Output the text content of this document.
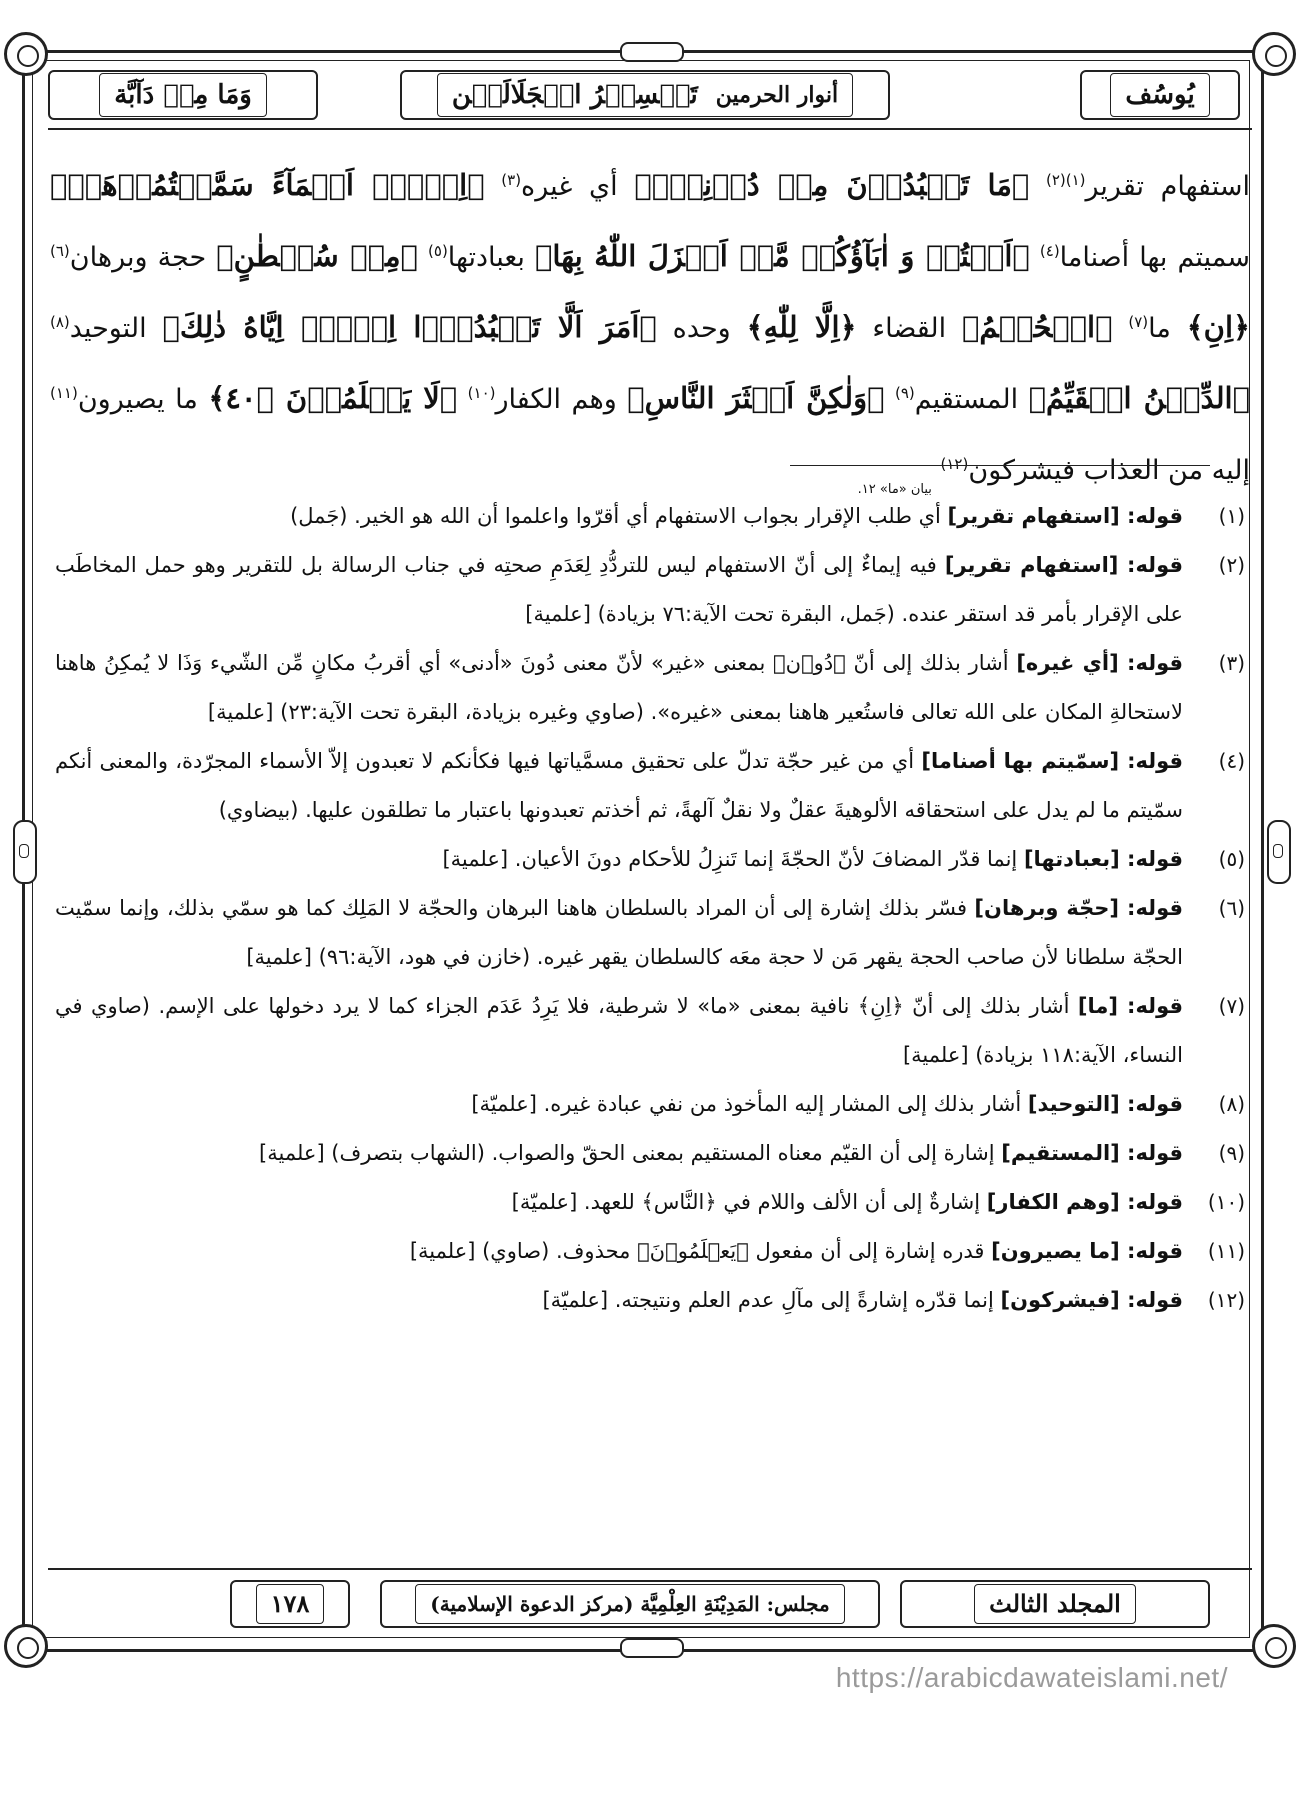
يُوسُف
تَفۡسِيۡرُ الۡجَلَالَيۡن أنوار الحرمين
وَمَا مِنۡ دَآبَّة
استفهام تقرير$^{(١)(٢)}$ ﴿مَا تَعۡبُدُوۡنَ مِنۡ دُوۡنِهٖۤ﴾ أي غيره$^{(٣)}$ ﴿اِلَّاۤ اَسۡمَآءً سَمَّيۡتُمُوۡهَاۤ﴾ سميتم بها أصناما$^{(٤)}$ ﴿اَنۡتُمۡ وَ اٰبَآؤُكُمۡ مَّاۤ اَنۡزَلَ اللّٰهُ بِهَا﴾ بعبادتها$^{(٥)}$ ﴿مِنۡ سُلۡطٰنٍ﴾ حجة وبرهان$^{(٦)}$ ﴿اِنِ﴾ ما$^{(٧)}$ ﴿الۡحُكۡمُ﴾ القضاء ﴿اِلَّا لِلّٰهِ﴾ وحده ﴿اَمَرَ اَلَّا تَعۡبُدُوۡۤا اِلَّاۤ اِيَّاهُ ذٰلِكَ﴾ التوحيد$^{(٨)}$ ﴿الدِّيۡنُ الۡقَيِّمُ﴾ المستقيم$^{(٩)}$ ﴿وَلٰكِنَّ اَكۡثَرَ النَّاسِ﴾ وهم الكفار$^{(١٠)}$ ﴿لَا يَعۡلَمُوۡنَ ﴿٤٠﴾ ما يصيرون$^{(١١)}$ إليه من العذاب فيشركون$^{(١٢)}$ $_{بيان «ما» ١٢.}$
(١)
قوله: [استفهام تقرير] أي طلب الإقرار بجواب الاستفهام أي أقرّوا واعلموا أن الله هو الخير. (جَمل)
(٢)
قوله: [استفهام تقرير] فيه إيماءٌ إلى أنّ الاستفهام ليس للتردُّدِ لِعَدَمِ صحتِه في جناب الرسالة بل للتقرير وهو حمل المخاطَب على الإقرار بأمر قد استقر عنده. (جَمل، البقرة تحت الآية:٧٦ بزيادة) [علمية]
(٣)
قوله: [أي غيره] أشار بذلك إلى أنّ ﴿دُوۡن﴾ بمعنى «غير» لأنّ معنى دُونَ «أدنى» أي أقربُ مكانٍ مِّن الشّيء وَذَا لا يُمكِنُ هاهنا لاستحالةِ المكان على الله تعالى فاستُعير هاهنا بمعنى «غيره». (صاوي وغيره بزيادة، البقرة تحت الآية:٢٣) [علمية]
(٤)
قوله: [سمّيتم بها أصناما] أي من غير حجّة تدلّ على تحقيق مسمَّياتها فيها فكأنكم لا تعبدون إلاّ الأسماء المجرّدة، والمعنى أنكم سمّيتم ما لم يدل على استحقاقه الألوهيةَ عقلٌ ولا نقلٌ آلهةً، ثم أخذتم تعبدونها باعتبار ما تطلقون عليها. (بيضاوي)
(٥)
قوله: [بعبادتها] إنما قدّر المضافَ لأنّ الحجّةَ إنما تَنزِلُ للأحكام دونَ الأعيان. [علمية]
(٦)
قوله: [حجّة وبرهان] فسّر بذلك إشارة إلى أن المراد بالسلطان هاهنا البرهان والحجّة لا المَلِك كما هو سمّي بذلك، وإنما سمّيت الحجّة سلطانا لأن صاحب الحجة يقهر مَن لا حجة معَه كالسلطان يقهر غيره. (خازن في هود، الآية:٩٦) [علمية]
(٧)
قوله: [ما] أشار بذلك إلى أنّ ﴿اِنِ﴾ نافية بمعنى «ما» لا شرطية، فلا يَرِدُ عَدَم الجزاء كما لا يرد دخولها على الإسم. (صاوي في النساء، الآية:١١٨ بزيادة) [علمية]
(٨)
قوله: [التوحيد] أشار بذلك إلى المشار إليه المأخوذ من نفي عبادة غيره. [علميّة]
(٩)
قوله: [المستقيم] إشارة إلى أن القيّم معناه المستقيم بمعنى الحقّ والصواب. (الشهاب بتصرف) [علمية]
(١٠)
قوله: [وهم الكفار] إشارةٌ إلى أن الألف واللام في ﴿النَّاس﴾ للعهد. [علميّة]
(١١)
قوله: [ما يصيرون] قدره إشارة إلى أن مفعول ﴿يَعۡلَمُوۡنَ﴾ محذوف. (صاوي) [علمية]
(١٢)
قوله: [فيشركون] إنما قدّره إشارةً إلى مآلِ عدم العلم ونتيجته. [علميّة]
المجلد الثالث
مجلس: المَدِيْنَةِ العِلْمِيَّة (مركز الدعوة الإسلامية)
١٧٨
https://arabicdawateislami.net/
